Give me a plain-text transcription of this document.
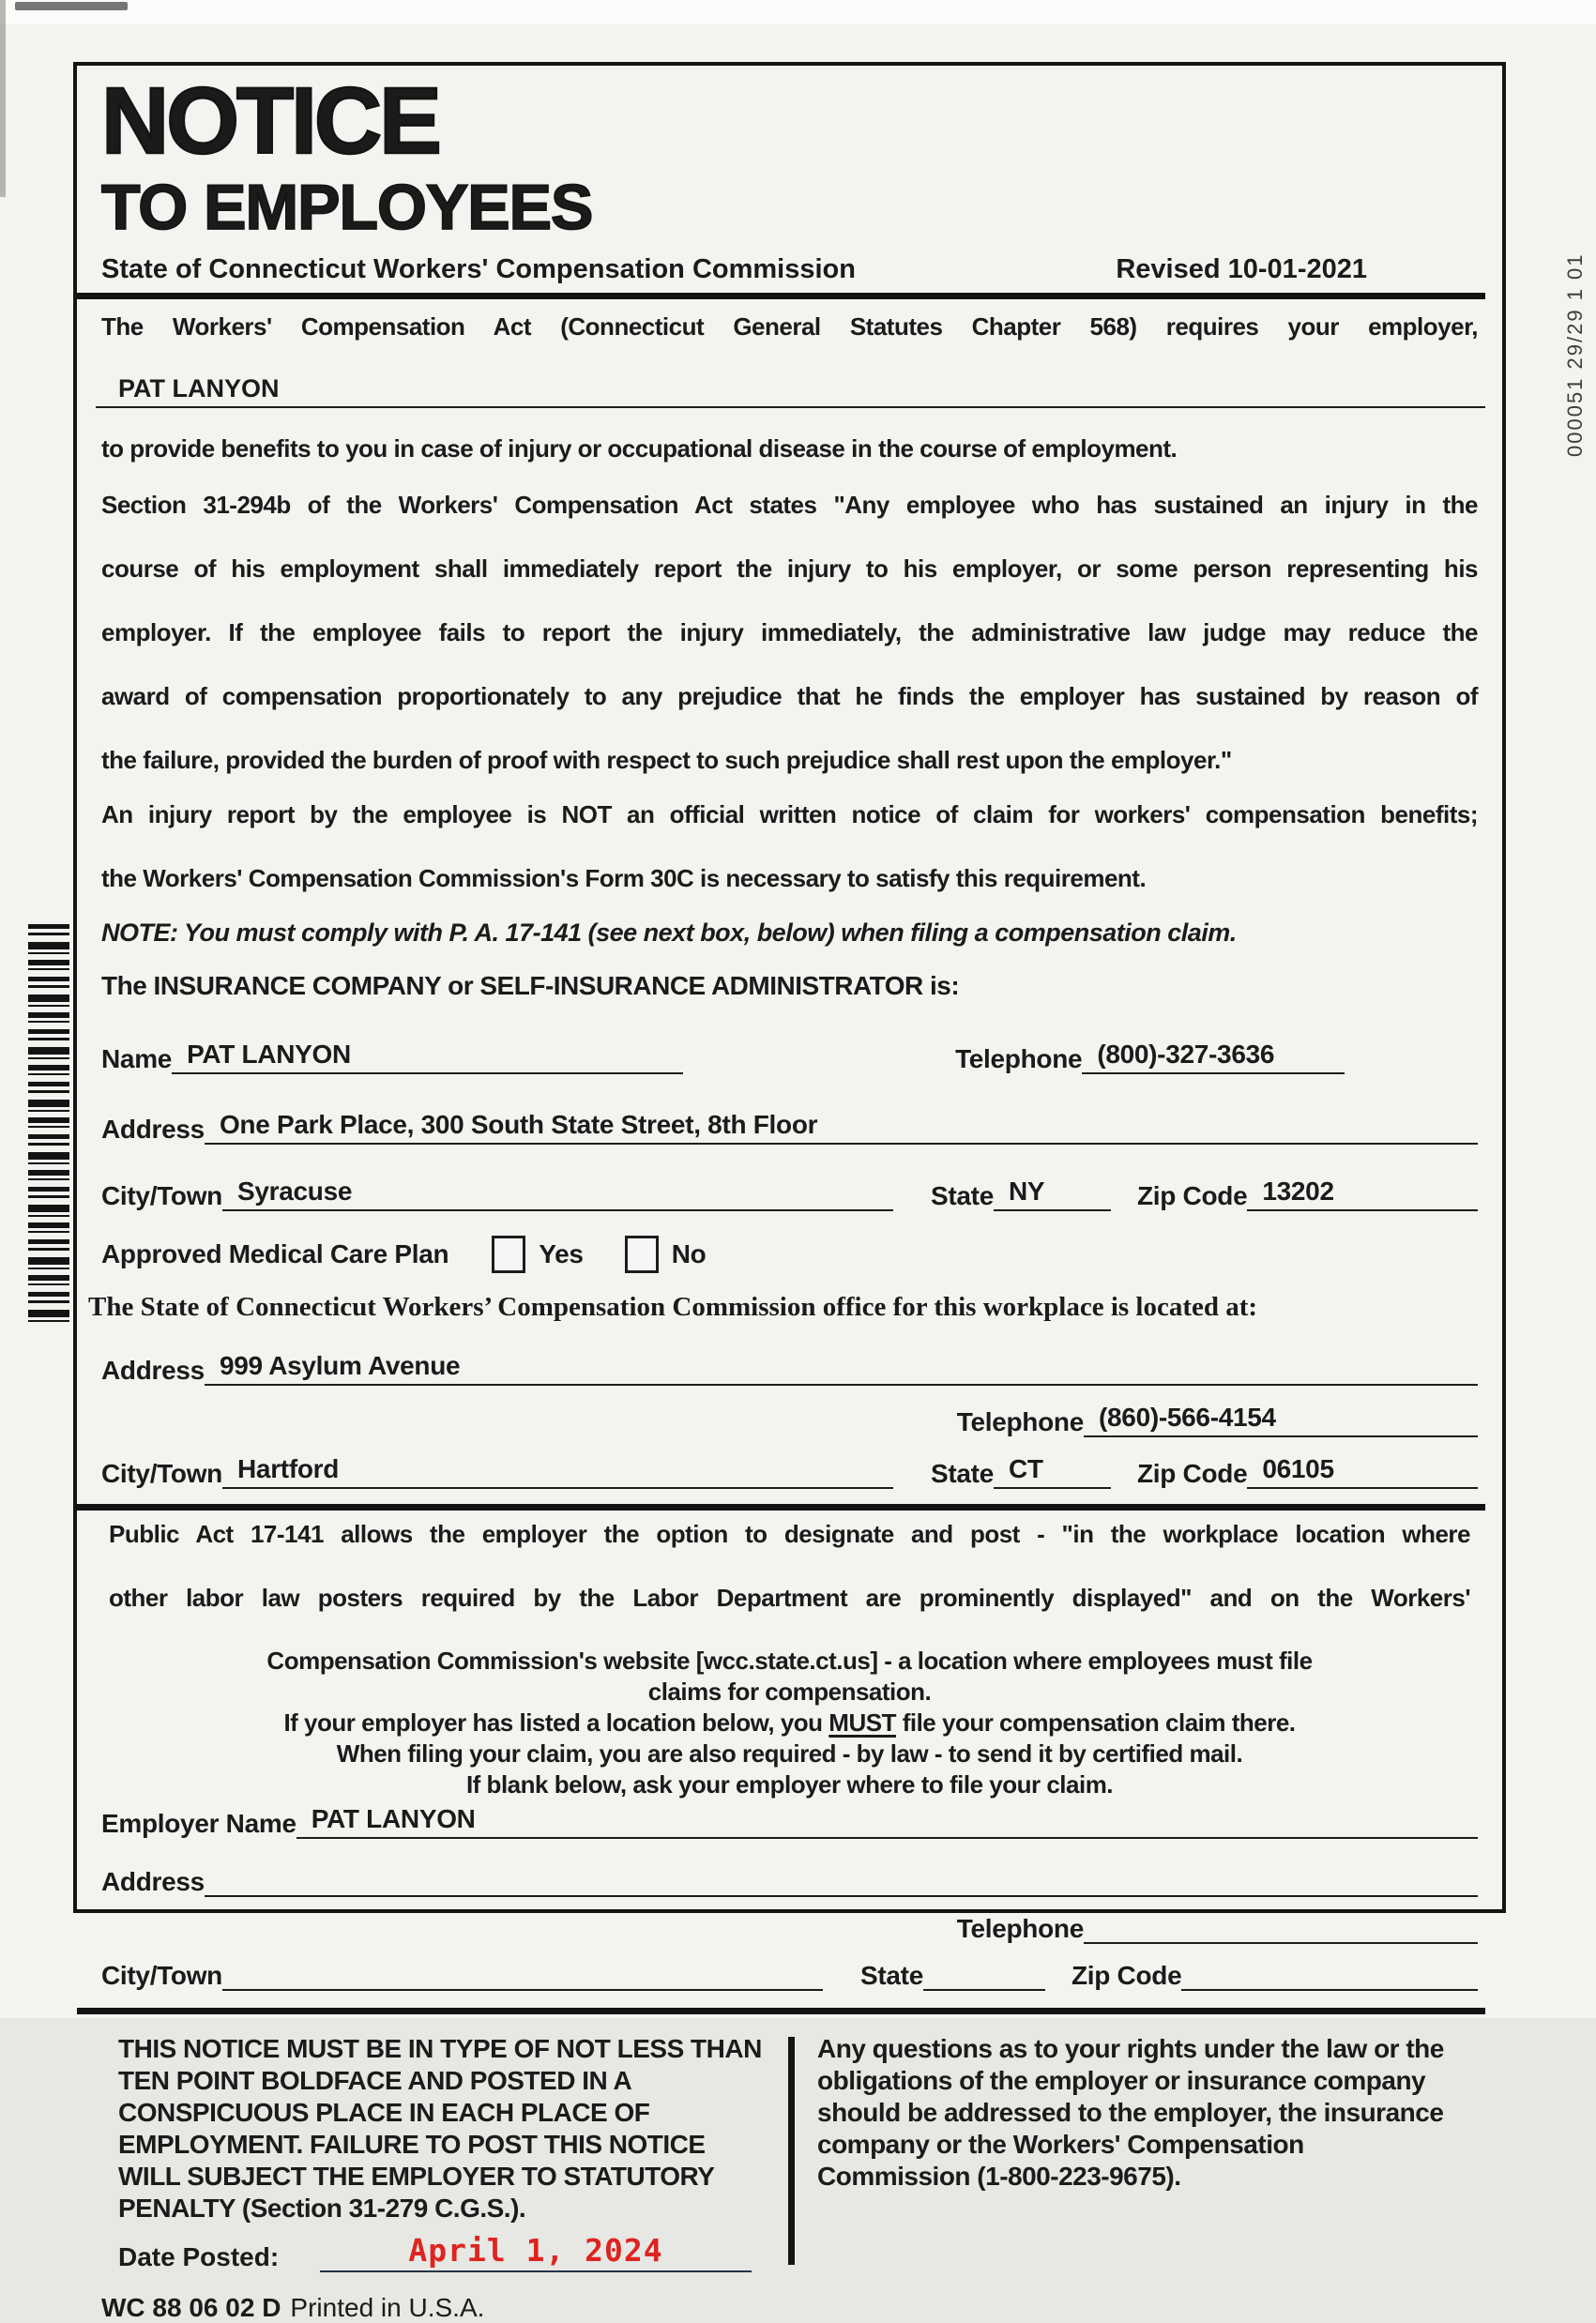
000051 29/29 1 01
NOTICE
TO EMPLOYEES
State of Connecticut Workers' Compensation Commission	Revised 10-01-2021
The Workers' Compensation Act (Connecticut General Statutes Chapter 568) requires your employer,
PAT LANYON
to provide benefits to you in case of injury or occupational disease in the course of employment.
Section 31-294b of the Workers' Compensation Act states "Any employee who has sustained an injury in the
course of his employment shall immediately report the injury to his employer, or some person representing his
employer. If the employee fails to report the injury immediately, the administrative law judge may reduce the
award of compensation proportionately to any prejudice that he finds the employer has sustained by reason of
the failure, provided the burden of proof with respect to such prejudice shall rest upon the employer."
An injury report by the employee is NOT an official written notice of claim for workers' compensation benefits;
the Workers' Compensation Commission's Form 30C is necessary to satisfy this requirement.
NOTE: You must comply with P. A. 17-141 (see next box, below) when filing a compensation claim.
The INSURANCE COMPANY or SELF-INSURANCE ADMINISTRATOR is:
Name PAT LANYON	Telephone (800)-327-3636
Address One Park Place, 300 South State Street, 8th Floor
City/Town Syracuse	State NY	Zip Code 13202
Approved Medical Care Plan	Yes	No
The State of Connecticut Workers’ Compensation Commission office for this workplace is located at:
Address 999 Asylum Avenue
Telephone (860)-566-4154
City/Town Hartford	State CT	Zip Code 06105
Public Act 17-141 allows the employer the option to designate and post - "in the workplace location where
other labor law posters required by the Labor Department are prominently displayed" and on the Workers'
Compensation Commission's website [wcc.state.ct.us] - a location where employees must file
claims for compensation.
If your employer has listed a location below, you MUST file your compensation claim there.
When filing your claim, you are also required - by law - to send it by certified mail.
If blank below, ask your employer where to file your claim.
Employer Name PAT LANYON
Address
Telephone
City/Town	State	Zip Code
THIS NOTICE MUST BE IN TYPE OF NOT LESS THAN
TEN POINT BOLDFACE AND POSTED IN A
CONSPICUOUS PLACE IN EACH PLACE OF
EMPLOYMENT. FAILURE TO POST THIS NOTICE
WILL SUBJECT THE EMPLOYER TO STATUTORY
PENALTY (Section 31-279 C.G.S.).
Date Posted:	April 1, 2024
Any questions as to your rights under the law or the
obligations of the employer or insurance company
should be addressed to the employer, the insurance
company or the Workers' Compensation
Commission (1-800-223-9675).
WC 88 06 02 D Printed in U.S.A.
